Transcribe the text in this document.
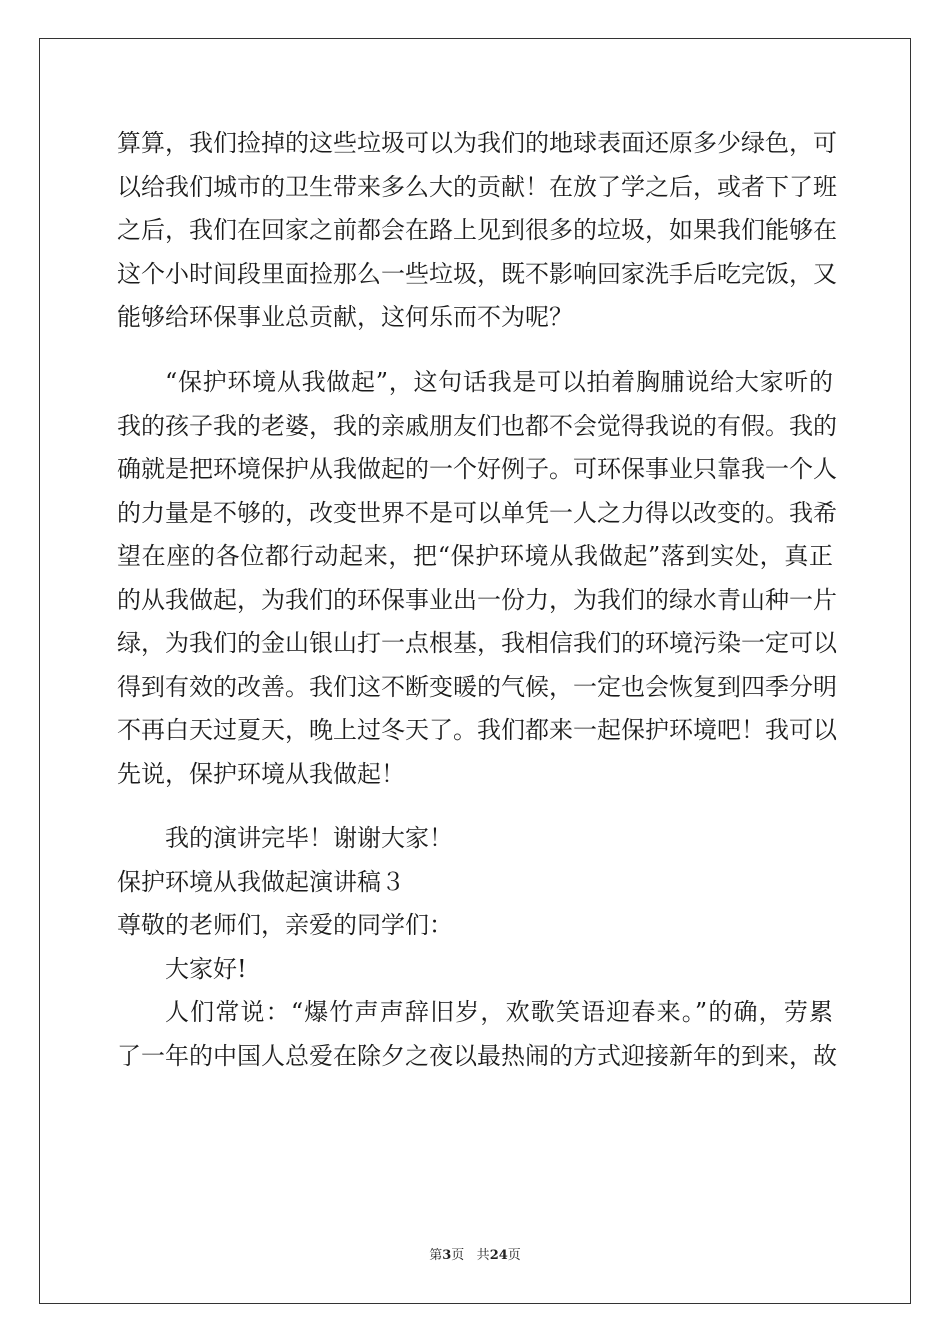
算算，我们捡掉的这些垃圾可以为我们的地球表面还原多少绿色，可
以给我们城市的卫生带来多么大的贡献！在放了学之后，或者下了班
之后，我们在回家之前都会在路上见到很多的垃圾，如果我们能够在
这个小时间段里面捡那么一些垃圾，既不影响回家洗手后吃完饭，又
能够给环保事业总贡献，这何乐而不为呢？
“保护环境从我做起”，这句话我是可以拍着胸脯说给大家听的
我的孩子我的老婆，我的亲戚朋友们也都不会觉得我说的有假。我的
确就是把环境保护从我做起的一个好例子。可环保事业只靠我一个人
的力量是不够的，改变世界不是可以单凭一人之力得以改变的。我希
望在座的各位都行动起来，把“保护环境从我做起”落到实处，真正
的从我做起，为我们的环保事业出一份力，为我们的绿水青山种一片
绿，为我们的金山银山打一点根基，我相信我们的环境污染一定可以
得到有效的改善。我们这不断变暖的气候，一定也会恢复到四季分明
不再白天过夏天，晚上过冬天了。我们都来一起保护环境吧！我可以
先说，保护环境从我做起！
我的演讲完毕！谢谢大家！
保护环境从我做起演讲稿３
尊敬的老师们，亲爱的同学们：
大家好!
人们常说：“爆竹声声辞旧岁，欢歌笑语迎春来。”的确，劳累
了一年的中国人总爱在除夕之夜以最热闹的方式迎接新年的到来，故
第3页 共24页
